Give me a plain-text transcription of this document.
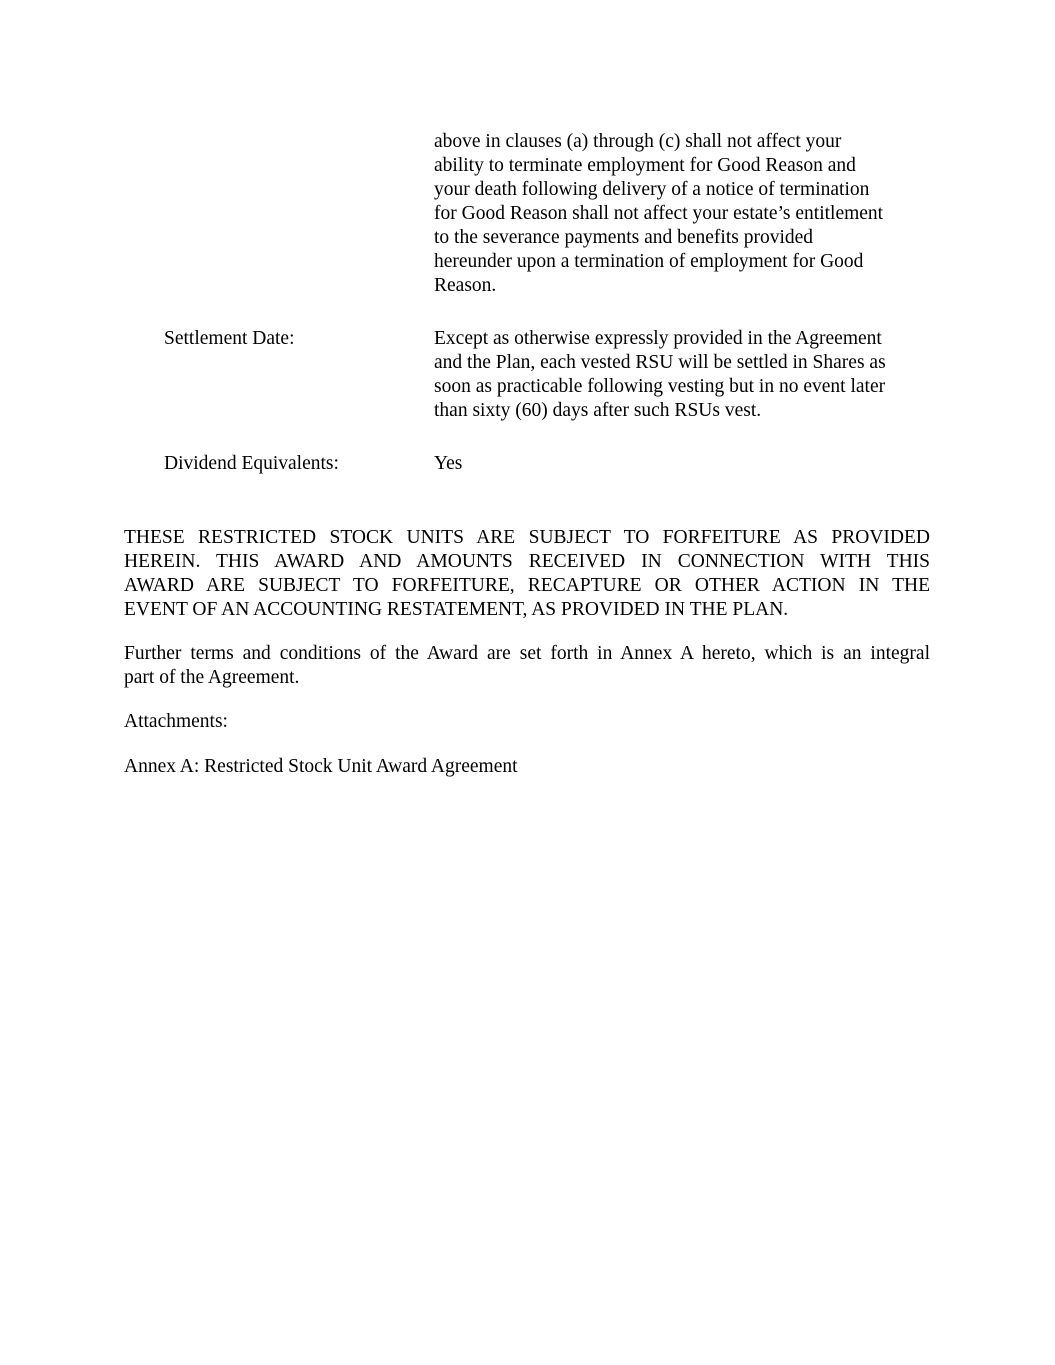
above in clauses (a) through (c) shall not affect your
ability to terminate employment for Good Reason and
your death following delivery of a notice of termination
for Good Reason shall not affect your estate’s entitlement
to the severance payments and benefits provided
hereunder upon a termination of employment for Good
Reason.
Settlement Date:	Except as otherwise expressly provided in the Agreement
and the Plan, each vested RSU will be settled in Shares as
soon as practicable following vesting but in no event later
than sixty (60) days after such RSUs vest.
Dividend Equivalents:	Yes
THESE RESTRICTED STOCK UNITS ARE SUBJECT TO FORFEITURE AS PROVIDED
HEREIN. THIS AWARD AND AMOUNTS RECEIVED IN CONNECTION WITH THIS
AWARD ARE SUBJECT TO FORFEITURE, RECAPTURE OR OTHER ACTION IN THE
EVENT OF AN ACCOUNTING RESTATEMENT, AS PROVIDED IN THE PLAN.
Further terms and conditions of the Award are set forth in Annex A hereto, which is an integral
part of the Agreement.
Attachments:
Annex A: Restricted Stock Unit Award Agreement
